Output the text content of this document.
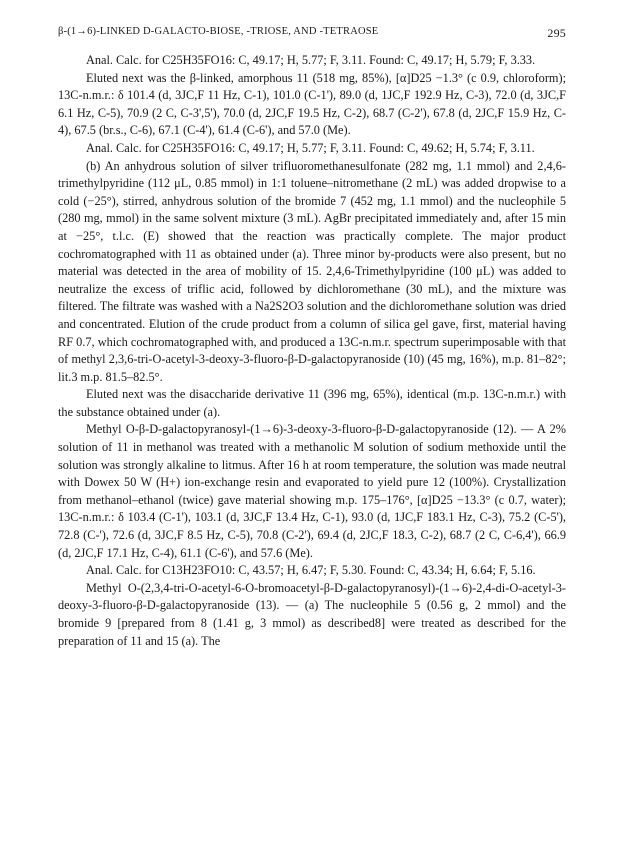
β-(1→6)-LINKED D-GALACTO-BIOSE, -TRIOSE, AND -TETRAOSE	295

Anal. Calc. for C25H35FO16: C, 49.17; H, 5.77; F, 3.11. Found: C, 49.17; H, 5.79; F, 3.33.

Eluted next was the β-linked, amorphous 11 (518 mg, 85%), [α]D25 −1.3° (c 0.9, chloroform); 13C-n.m.r.: δ 101.4 (d, 3JC,F 11 Hz, C-1), 101.0 (C-1'), 89.0 (d, 1JC,F 192.9 Hz, C-3), 72.0 (d, 3JC,F 6.1 Hz, C-5), 70.9 (2 C, C-3',5'), 70.0 (d, 2JC,F 19.5 Hz, C-2), 68.7 (C-2'), 67.8 (d, 2JC,F 15.9 Hz, C-4), 67.5 (br.s., C-6), 67.1 (C-4'), 61.4 (C-6'), and 57.0 (Me).

Anal. Calc. for C25H35FO16: C, 49.17; H, 5.77; F, 3.11. Found: C, 49.62; H, 5.74; F, 3.11.

(b) An anhydrous solution of silver trifluoromethanesulfonate (282 mg, 1.1 mmol) and 2,4,6-trimethylpyridine (112 μL, 0.85 mmol) in 1:1 toluene–nitromethane (2 mL) was added dropwise to a cold (−25°), stirred, anhydrous solution of the bromide 7 (452 mg, 1.1 mmol) and the nucleophile 5 (280 mg, mmol) in the same solvent mixture (3 mL). AgBr precipitated immediately and, after 15 min at −25°, t.l.c. (E) showed that the reaction was practically complete. The major product cochromatographed with 11 as obtained under (a). Three minor by-products were also present, but no material was detected in the area of mobility of 15. 2,4,6-Trimethylpyridine (100 μL) was added to neutralize the excess of triflic acid, followed by dichloromethane (30 mL), and the mixture was filtered. The filtrate was washed with a Na2S2O3 solution and the dichloromethane solution was dried and concentrated. Elution of the crude product from a column of silica gel gave, first, material having RF 0.7, which cochromatographed with, and produced a 13C-n.m.r. spectrum superimposable with that of methyl 2,3,6-tri-O-acetyl-3-deoxy-3-fluoro-β-D-galactopyranoside (10) (45 mg, 16%), m.p. 81–82°; lit.3 m.p. 81.5–82.5°.

Eluted next was the disaccharide derivative 11 (396 mg, 65%), identical (m.p. 13C-n.m.r.) with the substance obtained under (a).

Methyl O-β-D-galactopyranosyl-(1→6)-3-deoxy-3-fluoro-β-D-galactopyranoside (12). — A 2% solution of 11 in methanol was treated with a methanolic M solution of sodium methoxide until the solution was strongly alkaline to litmus. After 16 h at room temperature, the solution was made neutral with Dowex 50 W (H+) ion-exchange resin and evaporated to yield pure 12 (100%). Crystallization from methanol–ethanol (twice) gave material showing m.p. 175–176°, [α]D25 −13.3° (c 0.7, water); 13C-n.m.r.: δ 103.4 (C-1'), 103.1 (d, 3JC,F 13.4 Hz, C-1), 93.0 (d, 1JC,F 183.1 Hz, C-3), 75.2 (C-5'), 72.8 (C-'), 72.6 (d, 3JC,F 8.5 Hz, C-5), 70.8 (C-2'), 69.4 (d, 2JC,F 18.3, C-2), 68.7 (2 C, C-6,4'), 66.9 (d, 2JC,F 17.1 Hz, C-4), 61.1 (C-6'), and 57.6 (Me).

Anal. Calc. for C13H23FO10: C, 43.57; H, 6.47; F, 5.30. Found: C, 43.34; H, 6.64; F, 5.16.

Methyl O-(2,3,4-tri-O-acetyl-6-O-bromoacetyl-β-D-galactopyranosyl)-(1→6)-2,4-di-O-acetyl-3-deoxy-3-fluoro-β-D-galactopyranoside (13). — (a) The nucleophile 5 (0.56 g, 2 mmol) and the bromide 9 [prepared from 8 (1.41 g, 3 mmol) as described8] were treated as described for the preparation of 11 and 15 (a). The
